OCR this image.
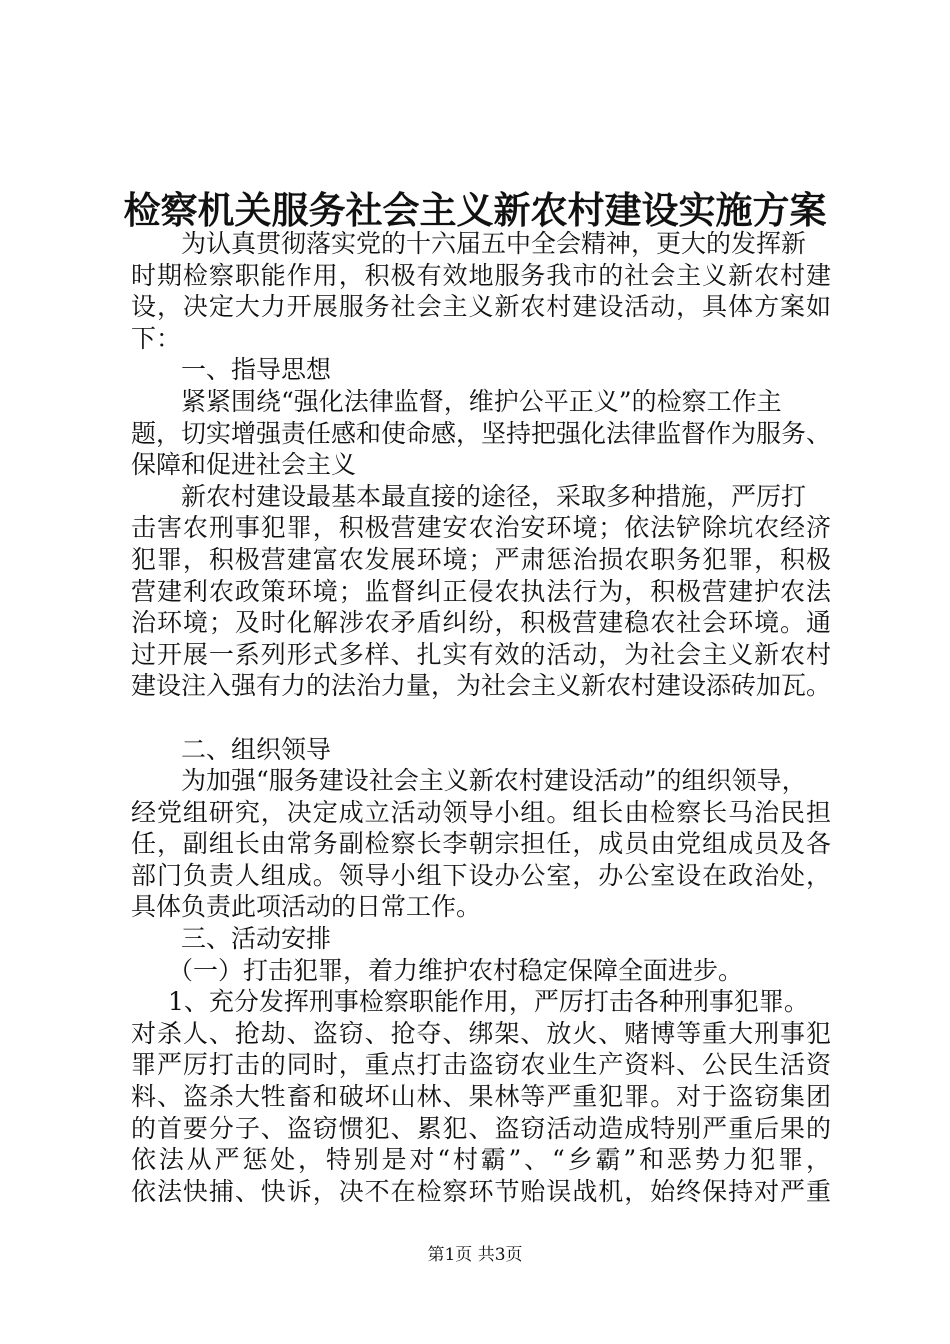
检察机关服务社会主义新农村建设实施方案
为认真贯彻落实党的十六届五中全会精神，更大的发挥新
时期检察职能作用，积极有效地服务我市的社会主义新农村建
设，决定大力开展服务社会主义新农村建设活动，具体方案如
下：
一、指导思想
紧紧围绕“强化法律监督，维护公平正义”的检察工作主
题，切实增强责任感和使命感，坚持把强化法律监督作为服务、
保障和促进社会主义
新农村建设最基本最直接的途径，采取多种措施，严厉打
击害农刑事犯罪，积极营建安农治安环境；依法铲除坑农经济
犯罪，积极营建富农发展环境；严肃惩治损农职务犯罪，积极
营建利农政策环境；监督纠正侵农执法行为，积极营建护农法
治环境；及时化解涉农矛盾纠纷，积极营建稳农社会环境。通
过开展一系列形式多样、扎实有效的活动，为社会主义新农村
建设注入强有力的法治力量，为社会主义新农村建设添砖加瓦。
二、组织领导
为加强“服务建设社会主义新农村建设活动”的组织领导，
经党组研究，决定成立活动领导小组。组长由检察长马治民担
任，副组长由常务副检察长李朝宗担任，成员由党组成员及各
部门负责人组成。领导小组下设办公室，办公室设在政治处，
具体负责此项活动的日常工作。
三、活动安排
（一）打击犯罪，着力维护农村稳定保障全面进步。
1、充分发挥刑事检察职能作用，严厉打击各种刑事犯罪。
对杀人、抢劫、盗窃、抢夺、绑架、放火、赌博等重大刑事犯
罪严厉打击的同时，重点打击盗窃农业生产资料、公民生活资
料、盗杀大牲畜和破坏山林、果林等严重犯罪。对于盗窃集团
的首要分子、盗窃惯犯、累犯、盗窃活动造成特别严重后果的
依法从严惩处，特别是对“村霸”、“乡霸”和恶势力犯罪，
依法快捕、快诉，决不在检察环节贻误战机，始终保持对严重
第1页 共3页
